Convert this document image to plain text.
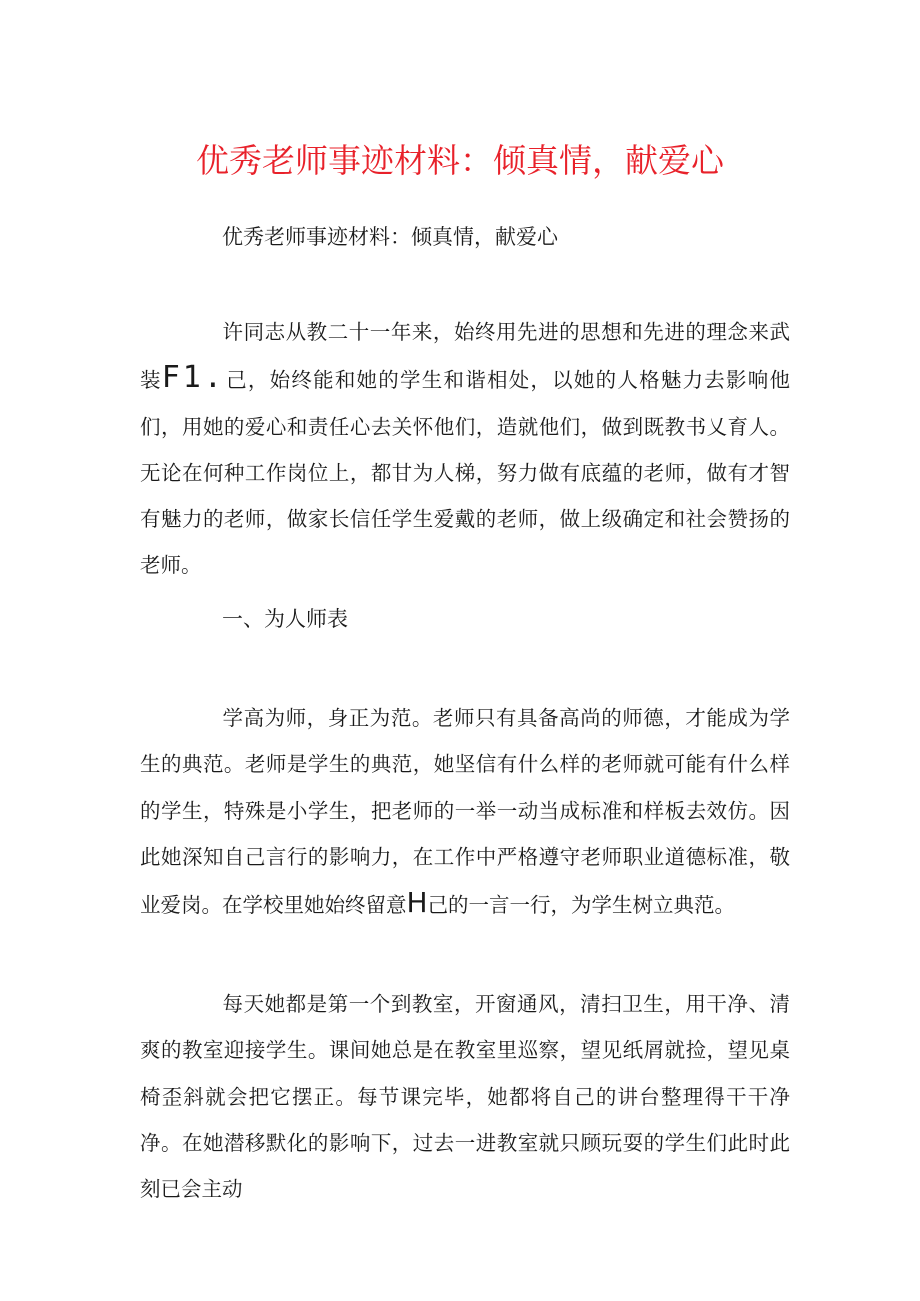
优秀老师事迹材料：倾真情，献爱心

优秀老师事迹材料：倾真情，献爱心

许同志从教二十一年来，始终用先进的思想和先进的理念来武装F1.己，始终能和她的学生和谐相处，以她的人格魅力去影响他们，用她的爱心和责任心去关怀他们，造就他们，做到既教书乂育人。无论在何种工作岗位上，都甘为人梯，努力做有底蕴的老师，做有才智有魅力的老师，做家长信任学生爱戴的老师，做上级确定和社会赞扬的老师。

一、为人师表

学高为师，身正为范。老师只有具备高尚的师德，才能成为学生的典范。老师是学生的典范，她坚信有什么样的老师就可能有什么样的学生，特殊是小学生，把老师的一举一动当成标准和样板去效仿。因此她深知自己言行的影响力，在工作中严格遵守老师职业道德标准，敬业爱岗。在学校里她始终留意H己的一言一行，为学生树立典范。

每天她都是第一个到教室，开窗通风，清扫卫生，用干净、清爽的教室迎接学生。课间她总是在教室里巡察，望见纸屑就捡，望见桌椅歪斜就会把它摆正。每节课完毕，她都将自己的讲台整理得干干净净。在她潜移默化的影响下，过去一进教室就只顾玩耍的学生们此时此刻已会主动
